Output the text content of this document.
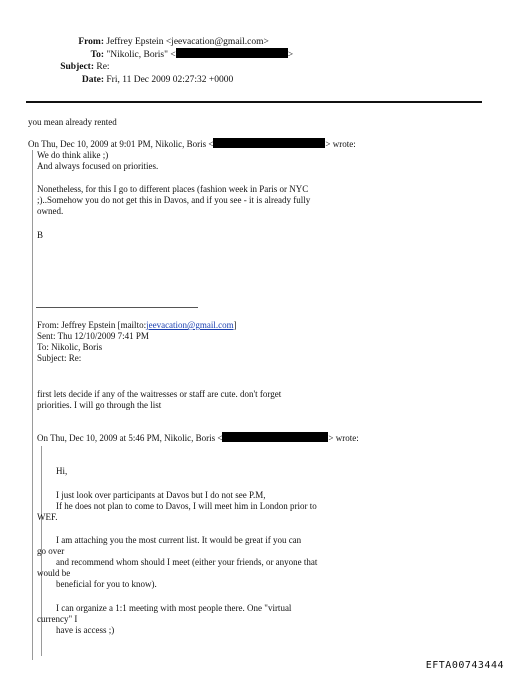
From: Jeffrey Epstein <jeevacation@gmail.com>
To: "Nikolic, Boris" <	>
Subject: Re:
Date: Fri, 11 Dec 2009 02:27:32 +0000
you mean already rented
On Thu, Dec 10, 2009 at 9:01 PM, Nikolic, Boris <	> wrote:
We do think alike ;)
And always focused on priorities.
Nonetheless, for this I go to different places (fashion week in Paris or NYC
;)..Somehow you do not get this in Davos, and if you see - it is already fully
owned.
B
From: Jeffrey Epstein [mailto:jeevacation@gmail.com]
Sent: Thu 12/10/2009 7:41 PM
To: Nikolic, Boris
Subject: Re:
first lets decide if any of the waitresses or staff are cute. don't forget
priorities. I will go through the list
On Thu, Dec 10, 2009 at 5:46 PM, Nikolic, Boris <	> wrote:
Hi,
I just look over participants at Davos but I do not see P.M,
If he does not plan to come to Davos, I will meet him in London prior to
WEF.
I am attaching you the most current list. It would be great if you can
go over
and recommend whom should I meet (either your friends, or anyone that
would be
beneficial for you to know).
I can organize a 1:1 meeting with most people there. One "virtual
currency" I
have is access ;)
EFTA00743444
